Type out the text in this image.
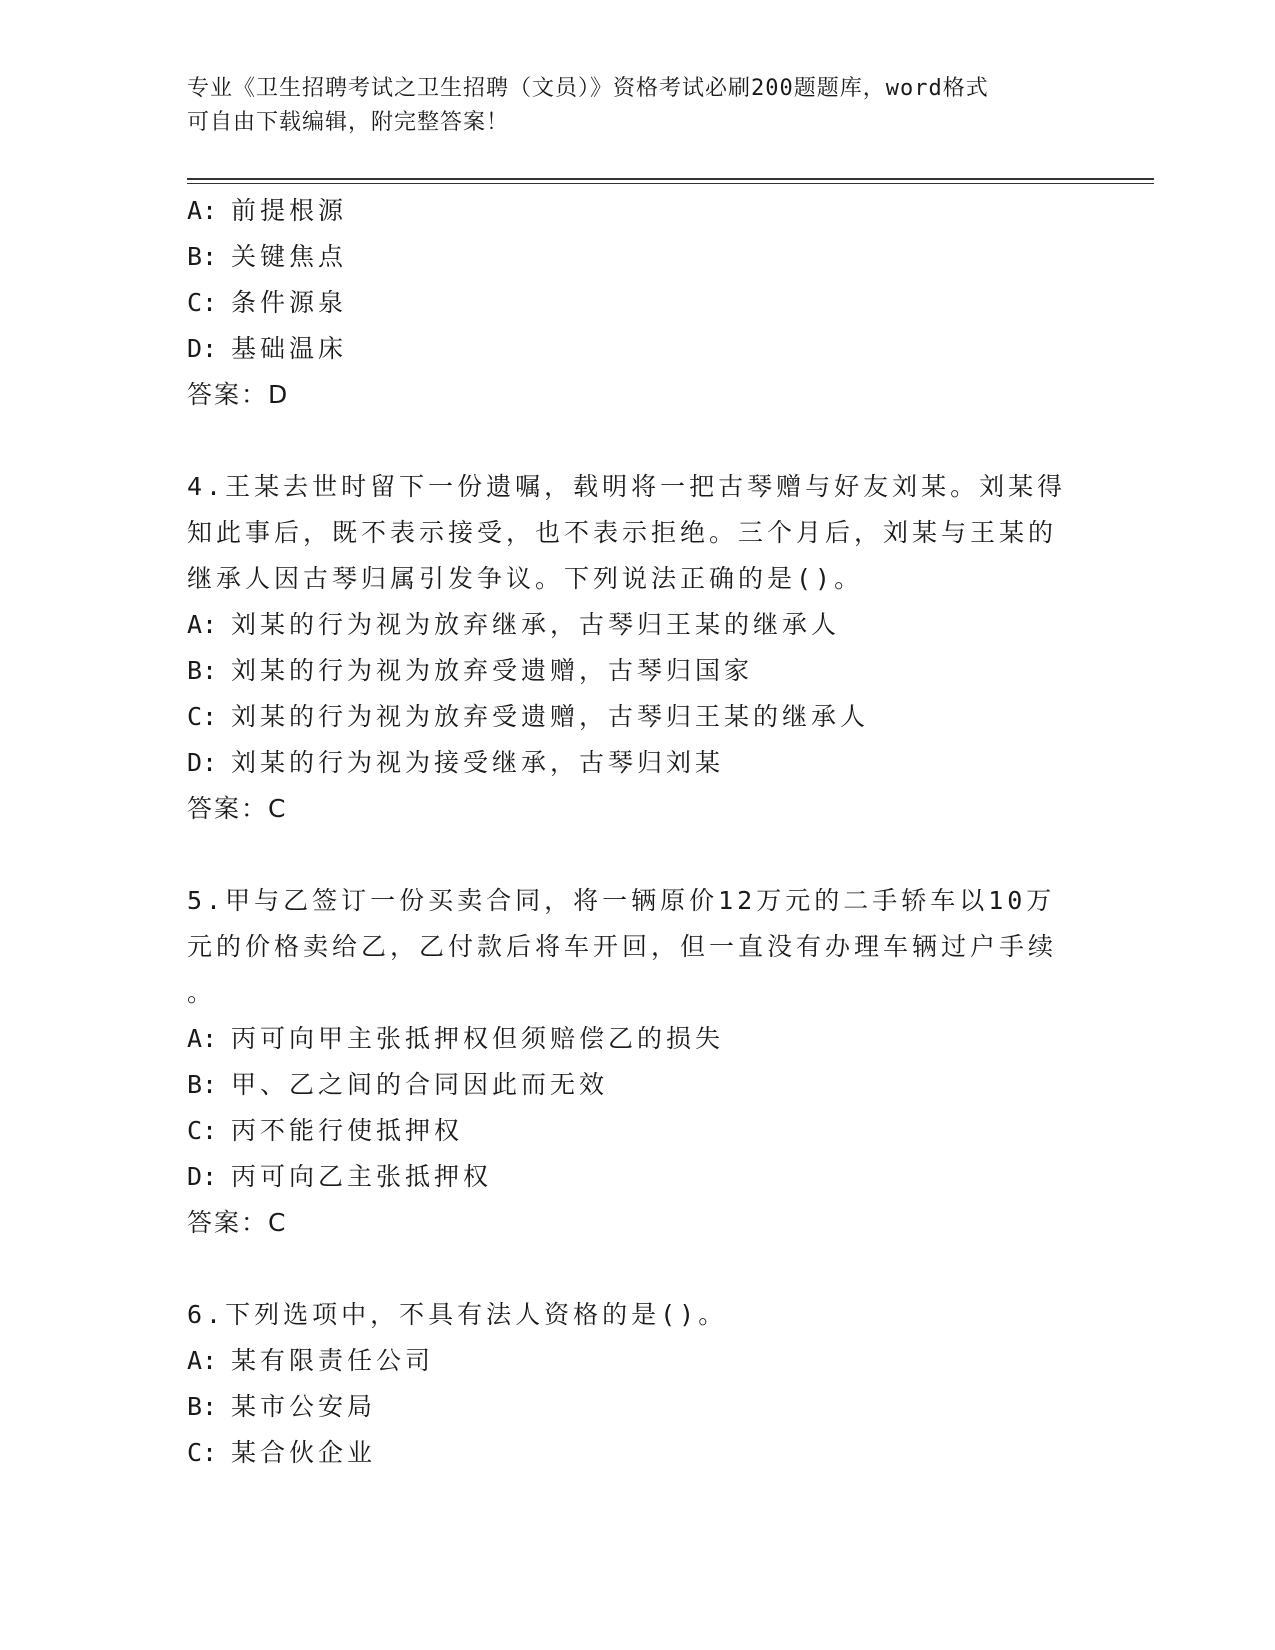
专业《卫生招聘考试之卫生招聘（文员）》资格考试必刷200题题库，word格式
可自由下载编辑，附完整答案！
A: 前提根源
B: 关键焦点
C: 条件源泉
D: 基础温床
答案：D
4.王某去世时留下一份遗嘱，载明将一把古琴赠与好友刘某。刘某得
知此事后，既不表示接受，也不表示拒绝。三个月后，刘某与王某的
继承人因古琴归属引发争议。下列说法正确的是()。
A: 刘某的行为视为放弃继承，古琴归王某的继承人
B: 刘某的行为视为放弃受遗赠，古琴归国家
C: 刘某的行为视为放弃受遗赠，古琴归王某的继承人
D: 刘某的行为视为接受继承，古琴归刘某
答案：C
5.甲与乙签订一份买卖合同，将一辆原价12万元的二手轿车以10万
元的价格卖给乙，乙付款后将车开回，但一直没有办理车辆过户手续
。
A: 丙可向甲主张抵押权但须赔偿乙的损失
B: 甲、乙之间的合同因此而无效
C: 丙不能行使抵押权
D: 丙可向乙主张抵押权
答案：C
6.下列选项中，不具有法人资格的是()。
A: 某有限责任公司
B: 某市公安局
C: 某合伙企业
